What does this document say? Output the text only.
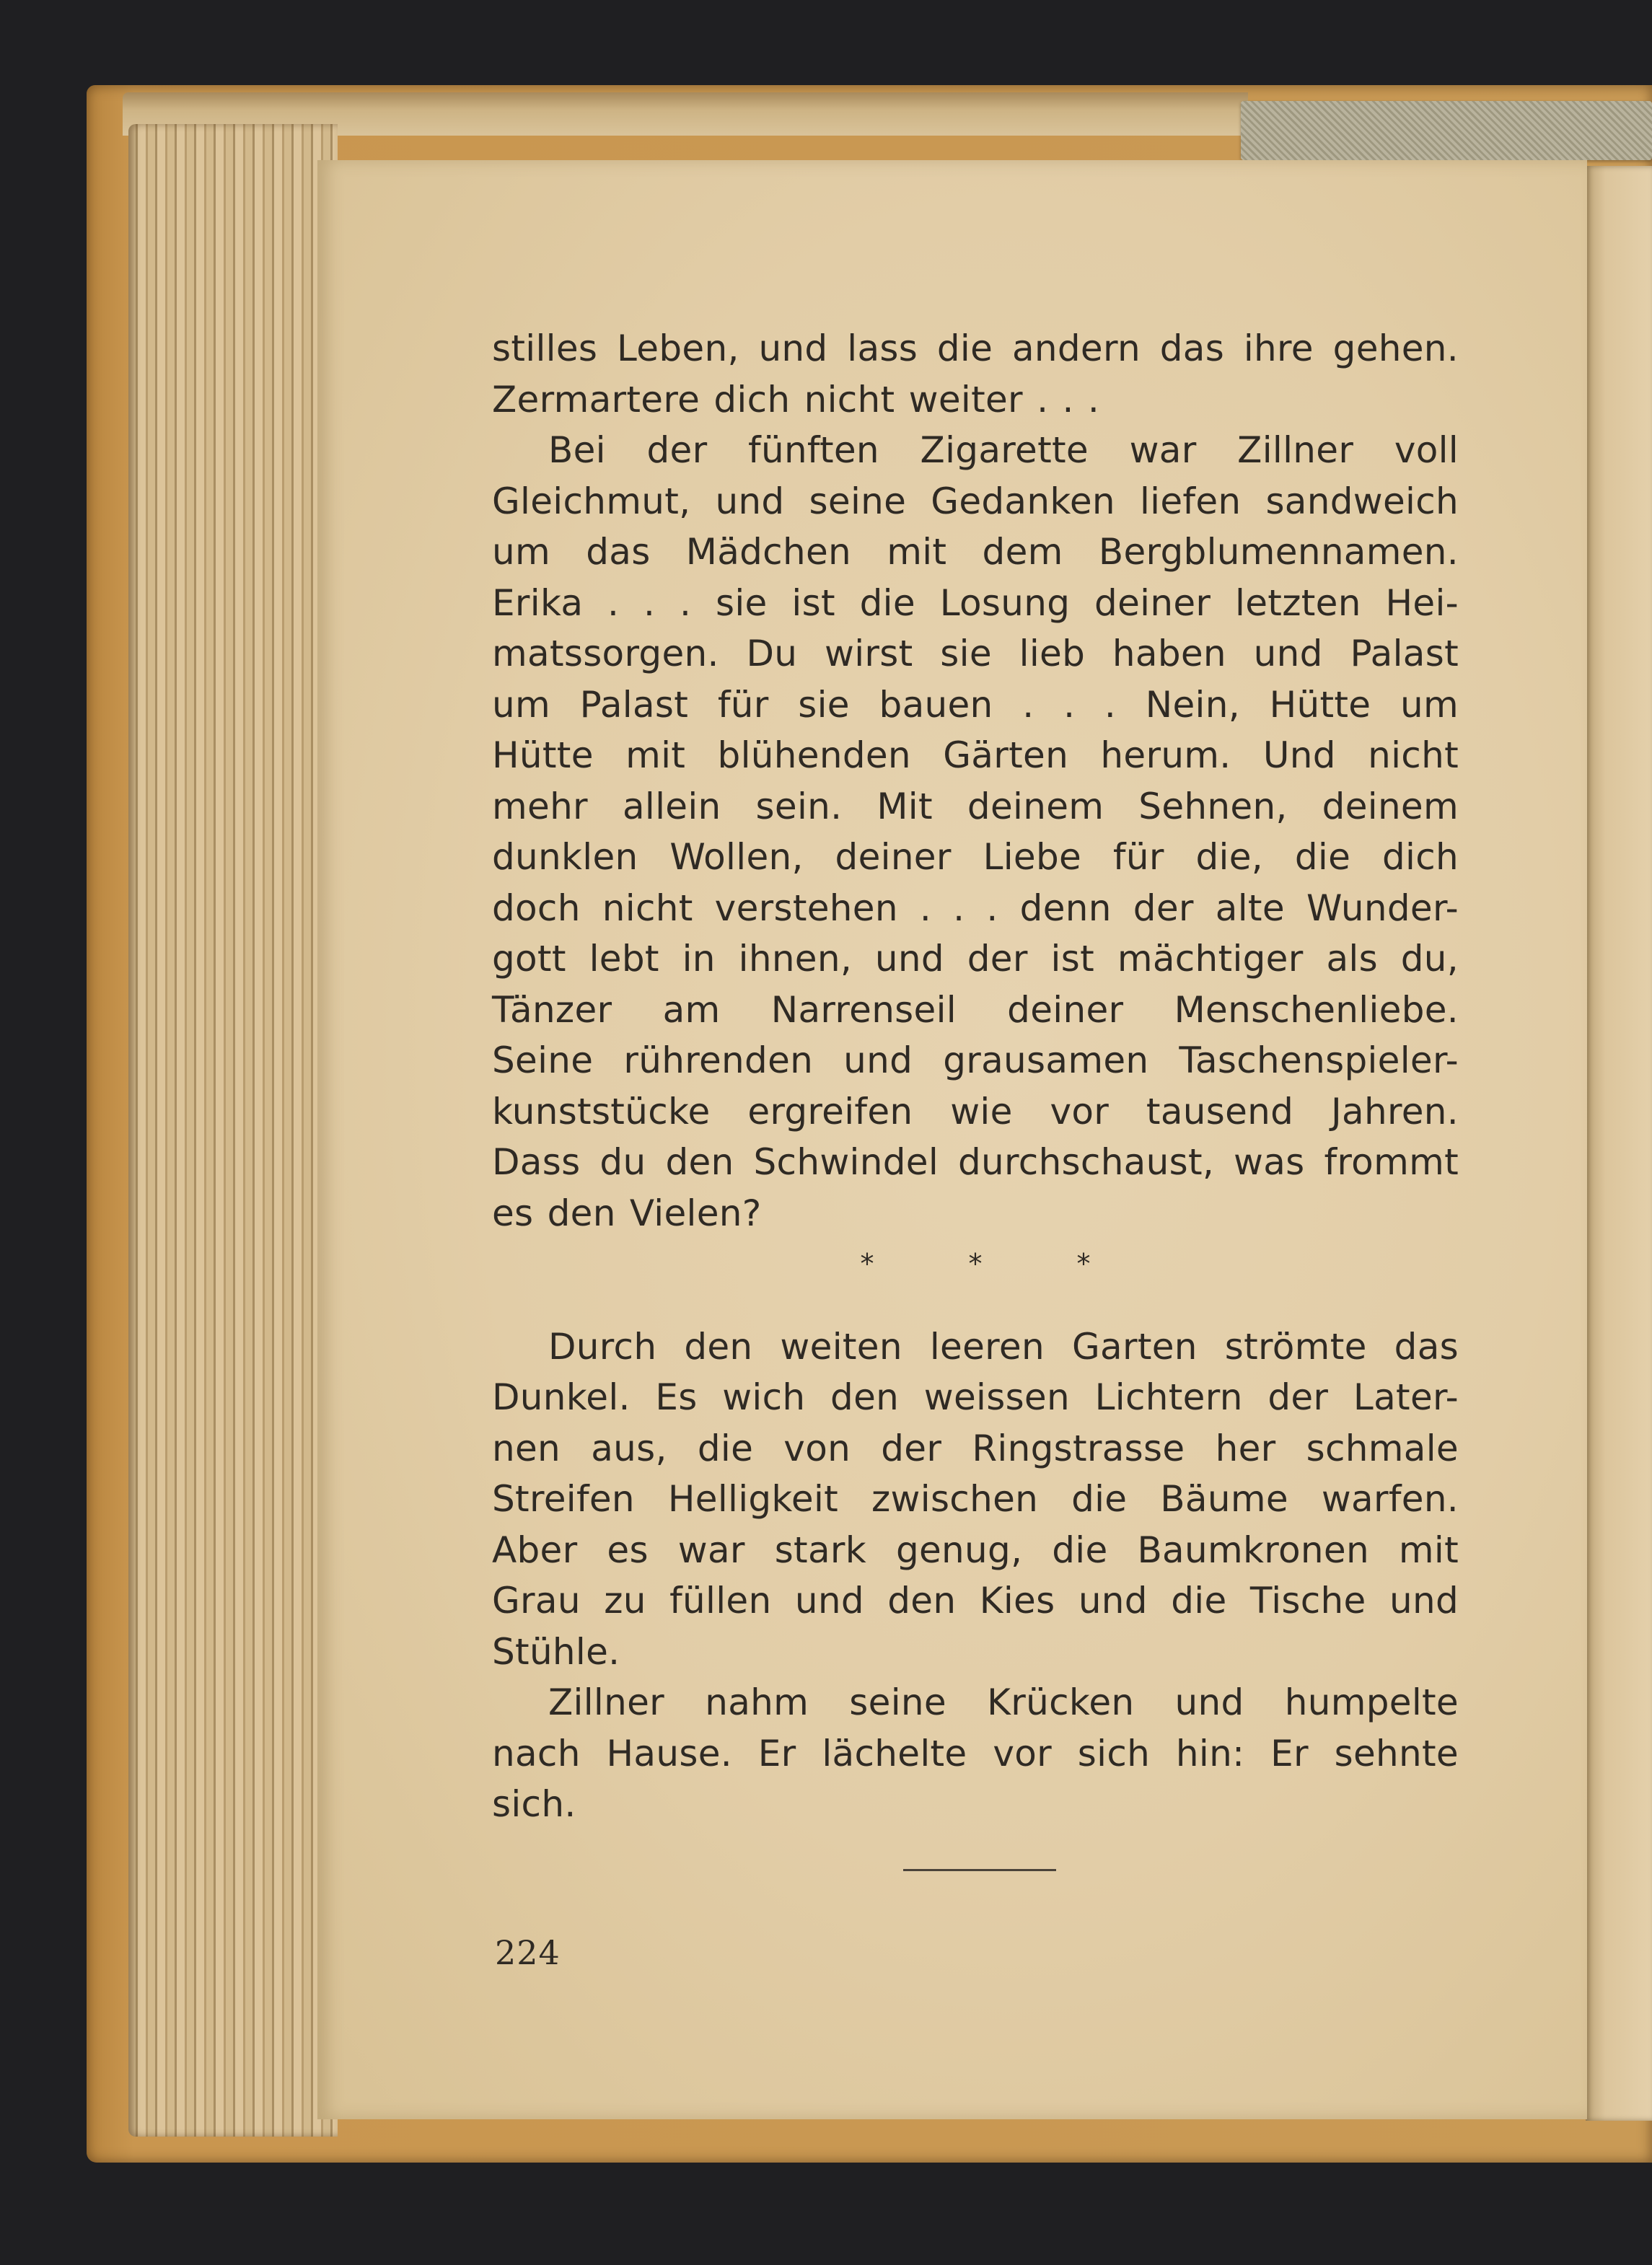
stilles Leben, und lass die andern das ihre gehen.

Zermartere dich nicht weiter . . .

Bei der fünften Zigarette war Zillner voll

Gleichmut, und seine Gedanken liefen sandweich

um das Mädchen mit dem Bergblumennamen.

Erika . . . sie ist die Losung deiner letzten Hei-

matssorgen. Du wirst sie lieb haben und Palast

um Palast für sie bauen . . . Nein, Hütte um

Hütte mit blühenden Gärten herum. Und nicht

mehr allein sein. Mit deinem Sehnen, deinem

dunklen Wollen, deiner Liebe für die, die dich

doch nicht verstehen . . . denn der alte Wunder-

gott lebt in ihnen, und der ist mächtiger als du,

Tänzer am Narrenseil deiner Menschenliebe.

Seine rührenden und grausamen Taschenspieler-

kunststücke ergreifen wie vor tausend Jahren.

Dass du den Schwindel durchschaust, was frommt

es den Vielen?

*	*	*

Durch den weiten leeren Garten strömte das

Dunkel. Es wich den weissen Lichtern der Later-

nen aus, die von der Ringstrasse her schmale

Streifen Helligkeit zwischen die Bäume warfen.

Aber es war stark genug, die Baumkronen mit

Grau zu füllen und den Kies und die Tische und

Stühle.

Zillner nahm seine Krücken und humpelte

nach Hause. Er lächelte vor sich hin: Er sehnte

sich.

224
